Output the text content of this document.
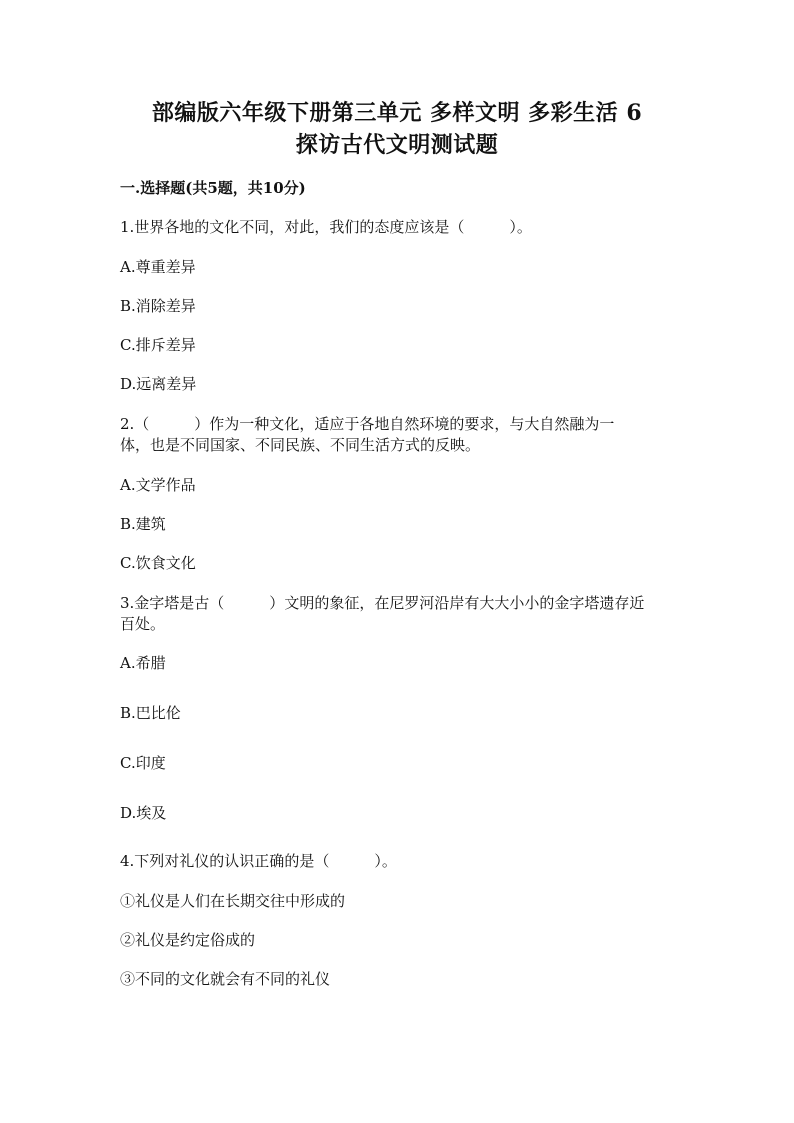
部编版六年级下册第三单元 多样文明 多彩生活 6
探访古代文明测试题
一.选择题(共5题，共10分)
1.世界各地的文化不同，对此，我们的态度应该是（　　　）。
A.尊重差异
B.消除差异
C.排斥差异
D.远离差异
2.（　　　）作为一种文化，适应于各地自然环境的要求，与大自然融为一
体，也是不同国家、不同民族、不同生活方式的反映。
A.文学作品
B.建筑
C.饮食文化
3.金字塔是古（　　　）文明的象征，在尼罗河沿岸有大大小小的金字塔遗存近
百处。
A.希腊
B.巴比伦
C.印度
D.埃及
4.下列对礼仪的认识正确的是（　　　）。
①礼仪是人们在长期交往中形成的
②礼仪是约定俗成的
③不同的文化就会有不同的礼仪
